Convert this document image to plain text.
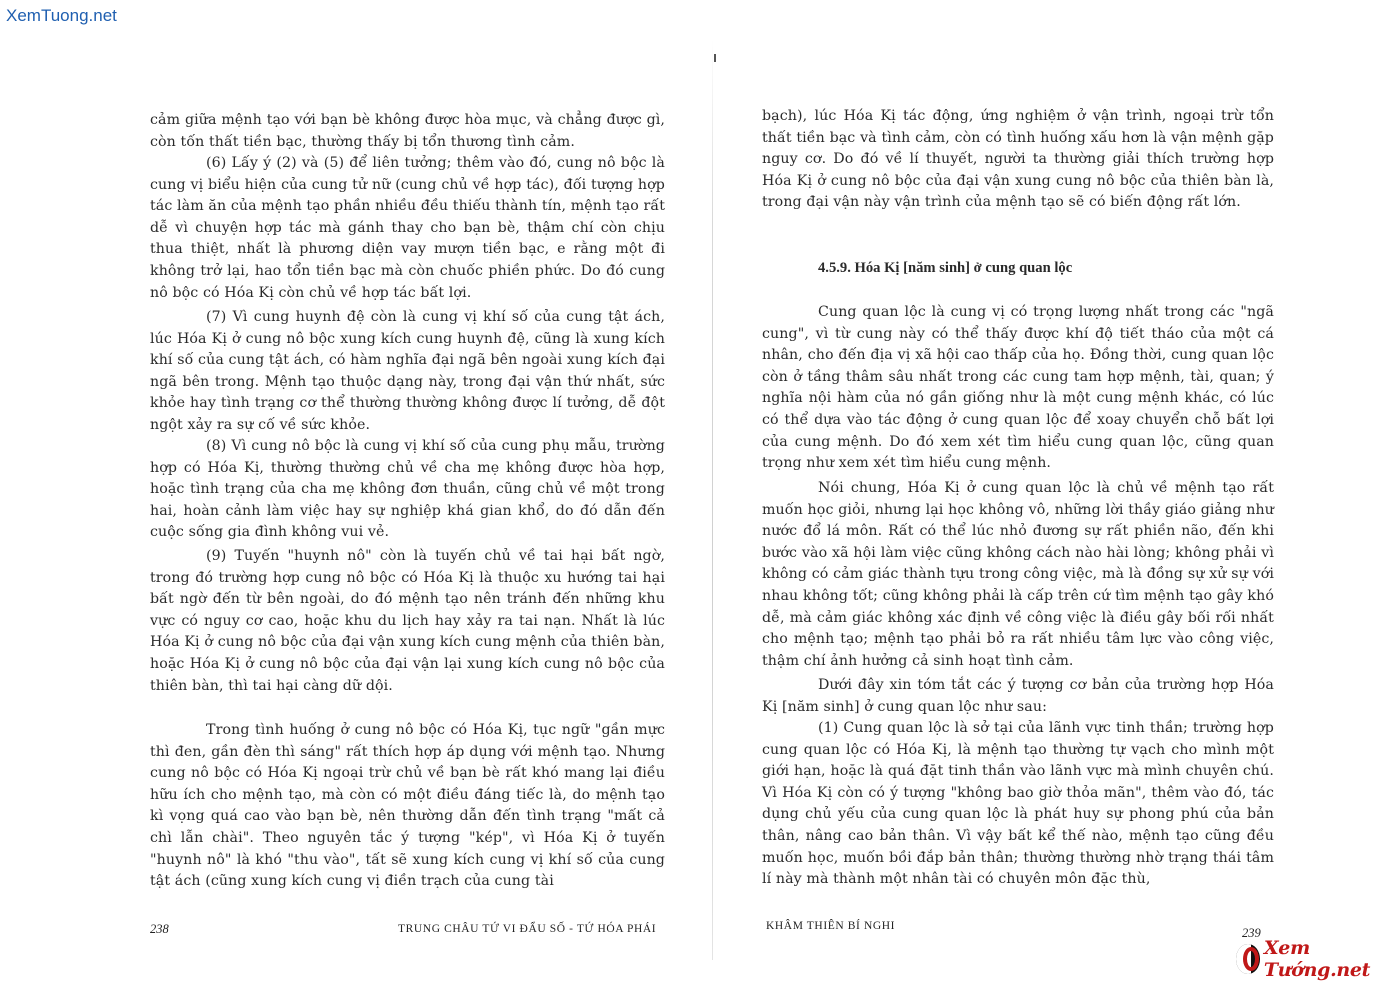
XemTuong.net
cảm giữa mệnh tạo với bạn bè không được hòa mục, và chẳng được gì, còn tốn thất tiền bạc, thường thấy bị tổn thương tình cảm.
(6) Lấy ý (2) và (5) để liên tưởng; thêm vào đó, cung nô bộc là cung vị biểu hiện của cung tử nữ (cung chủ về hợp tác), đối tượng hợp tác làm ăn của mệnh tạo phần nhiều đều thiếu thành tín, mệnh tạo rất dễ vì chuyện hợp tác mà gánh thay cho bạn bè, thậm chí còn chịu thua thiệt, nhất là phương diện vay mượn tiền bạc, e rằng một đi không trở lại, hao tổn tiền bạc mà còn chuốc phiền phức. Do đó cung nô bộc có Hóa Kị còn chủ về hợp tác bất lợi.
(7) Vì cung huynh đệ còn là cung vị khí số của cung tật ách, lúc Hóa Kị ở cung nô bộc xung kích cung huynh đệ, cũng là xung kích khí số của cung tật ách, có hàm nghĩa đại ngã bên ngoài xung kích đại ngã bên trong. Mệnh tạo thuộc dạng này, trong đại vận thứ nhất, sức khỏe hay tình trạng cơ thể thường thường không được lí tưởng, dễ đột ngột xảy ra sự cố về sức khỏe.
(8) Vì cung nô bộc là cung vị khí số của cung phụ mẫu, trường hợp có Hóa Kị, thường thường chủ về cha mẹ không được hòa hợp, hoặc tình trạng của cha mẹ không đơn thuần, cũng chủ về một trong hai, hoàn cảnh làm việc hay sự nghiệp khá gian khổ, do đó dẫn đến cuộc sống gia đình không vui vẻ.
(9) Tuyến "huynh nô" còn là tuyến chủ về tai hại bất ngờ, trong đó trường hợp cung nô bộc có Hóa Kị là thuộc xu hướng tai hại bất ngờ đến từ bên ngoài, do đó mệnh tạo nên tránh đến những khu vực có nguy cơ cao, hoặc khu du lịch hay xảy ra tai nạn. Nhất là lúc Hóa Kị ở cung nô bộc của đại vận xung kích cung mệnh của thiên bàn, hoặc Hóa Kị ở cung nô bộc của đại vận lại xung kích cung nô bộc của thiên bàn, thì tai hại càng dữ dội.
Trong tình huống ở cung nô bộc có Hóa Kị, tục ngữ "gần mực thì đen, gần đèn thì sáng" rất thích hợp áp dụng với mệnh tạo. Nhưng cung nô bộc có Hóa Kị ngoại trừ chủ về bạn bè rất khó mang lại điều hữu ích cho mệnh tạo, mà còn có một điều đáng tiếc là, do mệnh tạo kì vọng quá cao vào bạn bè, nên thường dẫn đến tình trạng "mất cả chì lẫn chài". Theo nguyên tắc ý tượng "kép", vì Hóa Kị ở tuyến "huynh nô" là khó "thu vào", tất sẽ xung kích cung vị khí số của cung tật ách (cũng xung kích cung vị điền trạch của cung tài
238	TRUNG CHÂU TỨ VI ĐẨU SỐ - TỨ HÓA PHÁI
bạch), lúc Hóa Kị tác động, ứng nghiệm ở vận trình, ngoại trừ tổn thất tiền bạc và tình cảm, còn có tình huống xấu hơn là vận mệnh gặp nguy cơ. Do đó về lí thuyết, người ta thường giải thích trường hợp Hóa Kị ở cung nô bộc của đại vận xung cung nô bộc của thiên bàn là, trong đại vận này vận trình của mệnh tạo sẽ có biến động rất lớn.
4.5.9. Hóa Kị [năm sinh] ở cung quan lộc
Cung quan lộc là cung vị có trọng lượng nhất trong các "ngã cung", vì từ cung này có thể thấy được khí độ tiết tháo của một cá nhân, cho đến địa vị xã hội cao thấp của họ. Đồng thời, cung quan lộc còn ở tầng thâm sâu nhất trong các cung tam hợp mệnh, tài, quan; ý nghĩa nội hàm của nó gần giống như là một cung mệnh khác, có lúc có thể dựa vào tác động ở cung quan lộc để xoay chuyển chỗ bất lợi của cung mệnh. Do đó xem xét tìm hiểu cung quan lộc, cũng quan trọng như xem xét tìm hiểu cung mệnh.
Nói chung, Hóa Kị ở cung quan lộc là chủ về mệnh tạo rất muốn học giỏi, nhưng lại học không vô, những lời thầy giáo giảng như nước đổ lá môn. Rất có thể lúc nhỏ đương sự rất phiền não, đến khi bước vào xã hội làm việc cũng không cách nào hài lòng; không phải vì không có cảm giác thành tựu trong công việc, mà là đồng sự xử sự với nhau không tốt; cũng không phải là cấp trên cứ tìm mệnh tạo gây khó dễ, mà cảm giác không xác định về công việc là điều gây bối rối nhất cho mệnh tạo; mệnh tạo phải bỏ ra rất nhiều tâm lực vào công việc, thậm chí ảnh hưởng cả sinh hoạt tình cảm.
Dưới đây xin tóm tắt các ý tượng cơ bản của trường hợp Hóa Kị [năm sinh] ở cung quan lộc như sau:
(1) Cung quan lộc là sở tại của lãnh vực tinh thần; trường hợp cung quan lộc có Hóa Kị, là mệnh tạo thường tự vạch cho mình một giới hạn, hoặc là quá đặt tinh thần vào lãnh vực mà mình chuyên chú. Vì Hóa Kị còn có ý tượng "không bao giờ thỏa mãn", thêm vào đó, tác dụng chủ yếu của cung quan lộc là phát huy sự phong phú của bản thân, nâng cao bản thân. Vì vậy bất kể thế nào, mệnh tạo cũng đều muốn học, muốn bồi đắp bản thân; thường thường nhờ trạng thái tâm lí này mà thành một nhân tài có chuyên môn đặc thù,
KHÂM THIÊN BÍ NGHI	239
Xem Tướng.net
